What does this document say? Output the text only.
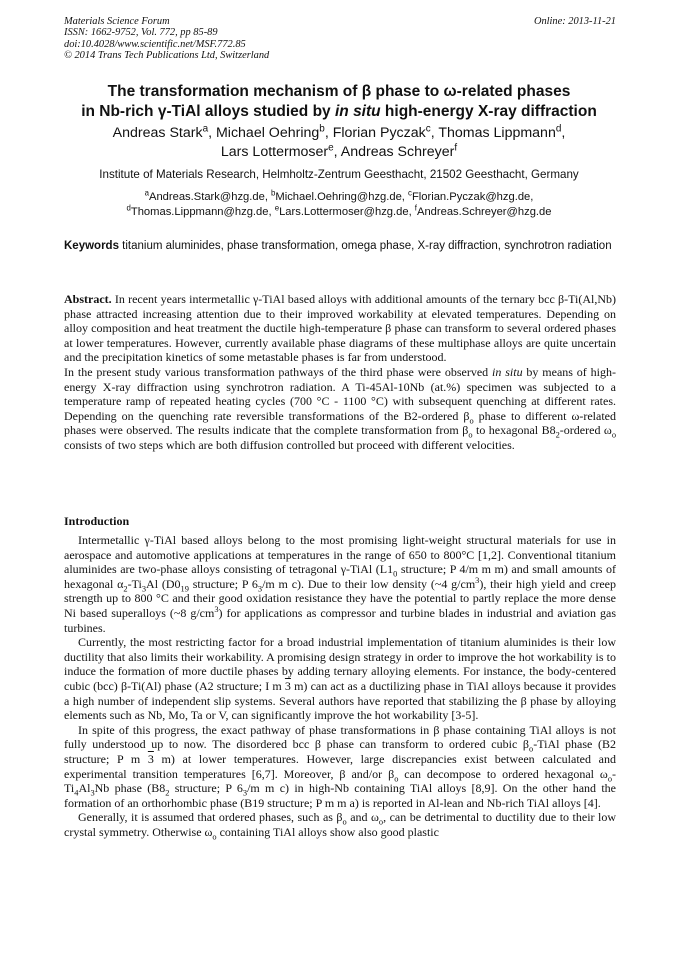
Materials Science Forum
ISSN: 1662-9752, Vol. 772, pp 85-89
doi:10.4028/www.scientific.net/MSF.772.85
© 2014 Trans Tech Publications Ltd, Switzerland
Online: 2013-11-21
The transformation mechanism of β phase to ω-related phases
in Nb-rich γ-TiAl alloys studied by in situ high-energy X-ray diffraction
Andreas Stark$^a$, Michael Oehring$^b$, Florian Pyczak$^c$, Thomas Lippmann$^d$,
Lars Lottermoser$^e$, Andreas Schreyer$^f$
Institute of Materials Research, Helmholtz-Zentrum Geesthacht, 21502 Geesthacht, Germany
$^a$Andreas.Stark@hzg.de, $^b$Michael.Oehring@hzg.de, $^c$Florian.Pyczak@hzg.de,
$^d$Thomas.Lippmann@hzg.de, $^e$Lars.Lottermoser@hzg.de, $^f$Andreas.Schreyer@hzg.de
Keywords titanium aluminides, phase transformation, omega phase, X-ray diffraction, synchrotron radiation

Abstract. In recent years intermetallic γ-TiAl based alloys with additional amounts of the ternary bcc β-Ti(Al,Nb) phase attracted increasing attention due to their improved workability at elevated temperatures. Depending on alloy composition and heat treatment the ductile high-temperature β phase can transform to several ordered phases at lower temperatures. However, currently available phase diagrams of these multiphase alloys are quite uncertain and the precipitation kinetics of some metastable phases is far from understood.

In the present study various transformation pathways of the third phase were observed in situ by means of high-energy X-ray diffraction using synchrotron radiation. A Ti-45Al-10Nb (at.%) specimen was subjected to a temperature ramp of repeated heating cycles (700 °C - 1100 °C) with subsequent quenching at different rates. Depending on the quenching rate reversible transformations of the B2-ordered $\beta_o$ phase to different ω-related phases were observed. The results indicate that the complete transformation from $\beta_o$ to hexagonal $B8_2$-ordered $\omega_o$ consists of two steps which are both diffusion controlled but proceed with different velocities.

Introduction

Intermetallic γ-TiAl based alloys belong to the most promising light-weight structural materials for use in aerospace and automotive applications at temperatures in the range of 650 to 800°C [1,2]. Conventional titanium aluminides are two-phase alloys consisting of tetragonal γ-TiAl ($L1_0$ structure; P 4/m m m) and small amounts of hexagonal $\alpha_2-Ti_3Al$ ($D0_{19}$ structure; P $6_3/m$ m c). Due to their low density (~4 $g/cm^3$), their high yield and creep strength up to 800 °C and their good oxidation resistance they have the potential to partly replace the more dense Ni based superalloys (~8 $g/cm^3$) for applications as compressor and turbine blades in industrial and aviation gas turbines.

Currently, the most restricting factor for a broad industrial implementation of titanium aluminides is their low ductility that also limits their workability. A promising design strategy in order to improve the hot workability is to induce the formation of more ductile phases by adding ternary alloying elements. For instance, the body-centered cubic (bcc) β-Ti(Al) phase (A2 structure; I m 3 m) can act as a ductilizing phase in TiAl alloys because it provides a high number of independent slip systems. Several authors have reported that stabilizing the β phase by alloying elements such as Nb, Mo, Ta or V, can significantly improve the hot workability [3-5].

In spite of this progress, the exact pathway of phase transformations in β phase containing TiAl alloys is not fully understood up to now. The disordered bcc β phase can transform to ordered cubic $\beta_o$-TiAl phase (B2 structure; P m 3 m) at lower temperatures. However, large discrepancies exist between calculated and experimental transition temperatures [6,7]. Moreover, β and/or $\beta_o$ can decompose to ordered hexagonal $\omega_o-Ti_4Al_3Nb$ phase ($B8_2$ structure; P $6_3/m$ m c) in high-Nb containing TiAl alloys [8,9]. On the other hand the formation of an orthorhombic phase (B19 structure; P m m a) is reported in Al-lean and Nb-rich TiAl alloys [4].

Generally, it is assumed that ordered phases, such as $\beta_o$ and $\omega_o$, can be detrimental to ductility due to their low crystal symmetry. Otherwise $\omega_o$ containing TiAl alloys show also good plastic
